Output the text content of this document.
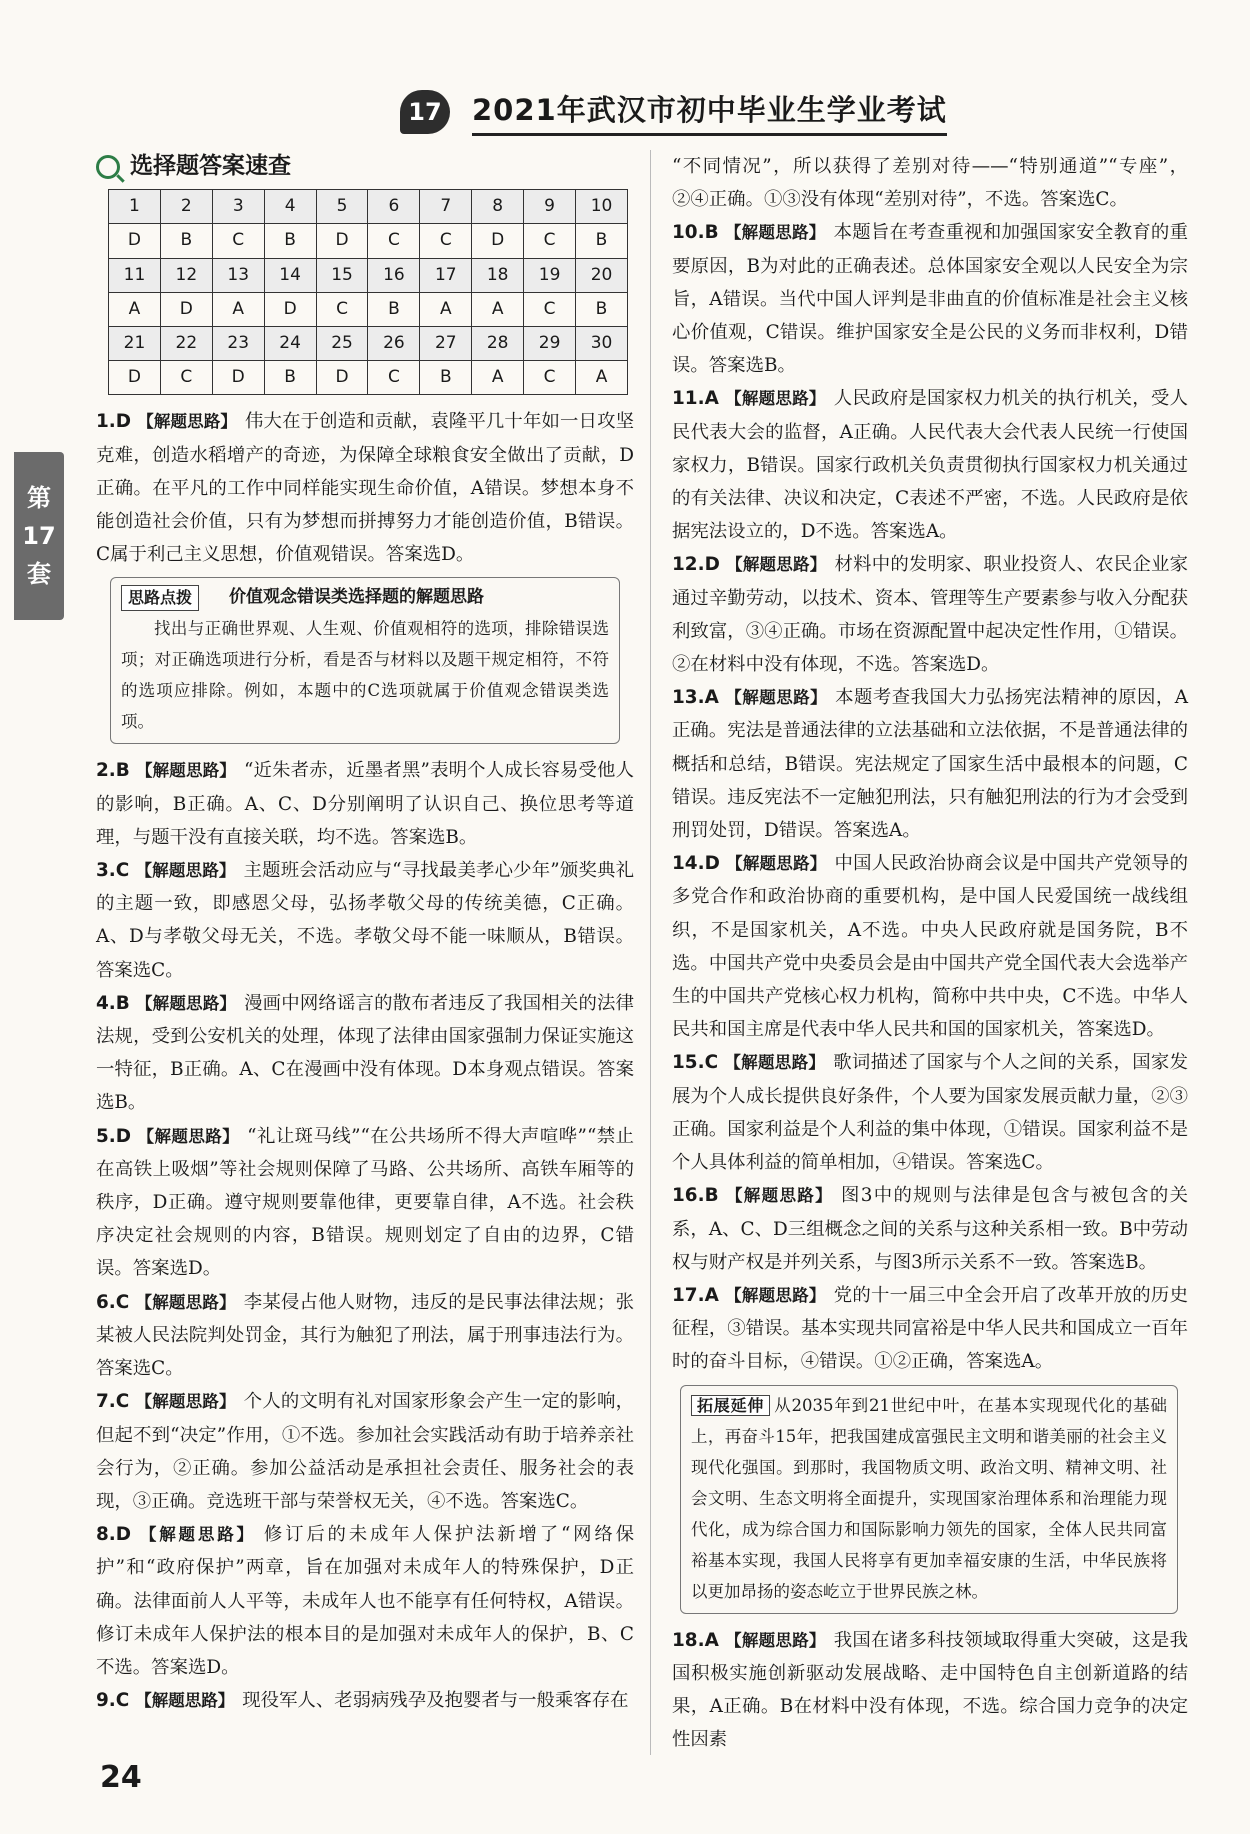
17 2021年武汉市初中毕业生学业考试
第
17
套
选择题答案速查
1	2	3	4	5	6	7	8	9	10
D	B	C	B	D	C	C	D	C	B
11	12	13	14	15	16	17	18	19	20
A	D	A	D	C	B	A	A	C	B
21	22	23	24	25	26	27	28	29	30
D	C	D	B	D	C	B	A	C	A

1.D 【解题思路】 伟大在于创造和贡献，袁隆平几十年如一日攻坚克难，创造水稻增产的奇迹，为保障全球粮食安全做出了贡献，D正确。在平凡的工作中同样能实现生命价值，A错误。梦想本身不能创造社会价值，只有为梦想而拼搏努力才能创造价值，B错误。C属于利己主义思想，价值观错误。答案选D。

思路点拨	价值观念错误类选择题的解题思路
找出与正确世界观、人生观、价值观相符的选项，排除错误选项；对正确选项进行分析，看是否与材料以及题干规定相符，不符的选项应排除。例如，本题中的C选项就属于价值观念错误类选项。

2.B 【解题思路】 “近朱者赤，近墨者黑”表明个人成长容易受他人的影响，B正确。A、C、D分别阐明了认识自己、换位思考等道理，与题干没有直接关联，均不选。答案选B。

3.C 【解题思路】 主题班会活动应与“寻找最美孝心少年”颁奖典礼的主题一致，即感恩父母，弘扬孝敬父母的传统美德，C正确。A、D与孝敬父母无关，不选。孝敬父母不能一味顺从，B错误。答案选C。

4.B 【解题思路】 漫画中网络谣言的散布者违反了我国相关的法律法规，受到公安机关的处理，体现了法律由国家强制力保证实施这一特征，B正确。A、C在漫画中没有体现。D本身观点错误。答案选B。

5.D 【解题思路】 “礼让斑马线”“在公共场所不得大声喧哗”“禁止在高铁上吸烟”等社会规则保障了马路、公共场所、高铁车厢等的秩序，D正确。遵守规则要靠他律，更要靠自律，A不选。社会秩序决定社会规则的内容，B错误。规则划定了自由的边界，C错误。答案选D。

6.C 【解题思路】 李某侵占他人财物，违反的是民事法律法规；张某被人民法院判处罚金，其行为触犯了刑法，属于刑事违法行为。答案选C。

7.C 【解题思路】 个人的文明有礼对国家形象会产生一定的影响，但起不到“决定”作用，①不选。参加社会实践活动有助于培养亲社会行为，②正确。参加公益活动是承担社会责任、服务社会的表现，③正确。竞选班干部与荣誉权无关，④不选。答案选C。

8.D 【解题思路】 修订后的未成年人保护法新增了“网络保护”和“政府保护”两章，旨在加强对未成年人的特殊保护，D正确。法律面前人人平等，未成年人也不能享有任何特权，A错误。修订未成年人保护法的根本目的是加强对未成年人的保护，B、C不选。答案选D。

9.C 【解题思路】 现役军人、老弱病残孕及抱婴者与一般乘客存在

“不同情况”，所以获得了差别对待——“特别通道”“专座”，②④正确。①③没有体现“差别对待”，不选。答案选C。

10.B 【解题思路】 本题旨在考查重视和加强国家安全教育的重要原因，B为对此的正确表述。总体国家安全观以人民安全为宗旨，A错误。当代中国人评判是非曲直的价值标准是社会主义核心价值观，C错误。维护国家安全是公民的义务而非权利，D错误。答案选B。

11.A 【解题思路】 人民政府是国家权力机关的执行机关，受人民代表大会的监督，A正确。人民代表大会代表人民统一行使国家权力，B错误。国家行政机关负责贯彻执行国家权力机关通过的有关法律、决议和决定，C表述不严密，不选。人民政府是依据宪法设立的，D不选。答案选A。

12.D 【解题思路】 材料中的发明家、职业投资人、农民企业家通过辛勤劳动，以技术、资本、管理等生产要素参与收入分配获利致富，③④正确。市场在资源配置中起决定性作用，①错误。②在材料中没有体现，不选。答案选D。

13.A 【解题思路】 本题考查我国大力弘扬宪法精神的原因，A正确。宪法是普通法律的立法基础和立法依据，不是普通法律的概括和总结，B错误。宪法规定了国家生活中最根本的问题，C错误。违反宪法不一定触犯刑法，只有触犯刑法的行为才会受到刑罚处罚，D错误。答案选A。

14.D 【解题思路】 中国人民政治协商会议是中国共产党领导的多党合作和政治协商的重要机构，是中国人民爱国统一战线组织，不是国家机关，A不选。中央人民政府就是国务院，B不选。中国共产党中央委员会是由中国共产党全国代表大会选举产生的中国共产党核心权力机构，简称中共中央，C不选。中华人民共和国主席是代表中华人民共和国的国家机关，答案选D。

15.C 【解题思路】 歌词描述了国家与个人之间的关系，国家发展为个人成长提供良好条件，个人要为国家发展贡献力量，②③正确。国家利益是个人利益的集中体现，①错误。国家利益不是个人具体利益的简单相加，④错误。答案选C。

16.B 【解题思路】 图3中的规则与法律是包含与被包含的关系，A、C、D三组概念之间的关系与这种关系相一致。B中劳动权与财产权是并列关系，与图3所示关系不一致。答案选B。

17.A 【解题思路】 党的十一届三中全会开启了改革开放的历史征程，③错误。基本实现共同富裕是中华人民共和国成立一百年时的奋斗目标，④错误。①②正确，答案选A。

拓展延伸 从2035年到21世纪中叶，在基本实现现代化的基础上，再奋斗15年，把我国建成富强民主文明和谐美丽的社会主义现代化强国。到那时，我国物质文明、政治文明、精神文明、社会文明、生态文明将全面提升，实现国家治理体系和治理能力现代化，成为综合国力和国际影响力领先的国家，全体人民共同富裕基本实现，我国人民将享有更加幸福安康的生活，中华民族将以更加昂扬的姿态屹立于世界民族之林。

18.A 【解题思路】 我国在诸多科技领域取得重大突破，这是我国积极实施创新驱动发展战略、走中国特色自主创新道路的结果，A正确。B在材料中没有体现，不选。综合国力竞争的决定性因素

24
